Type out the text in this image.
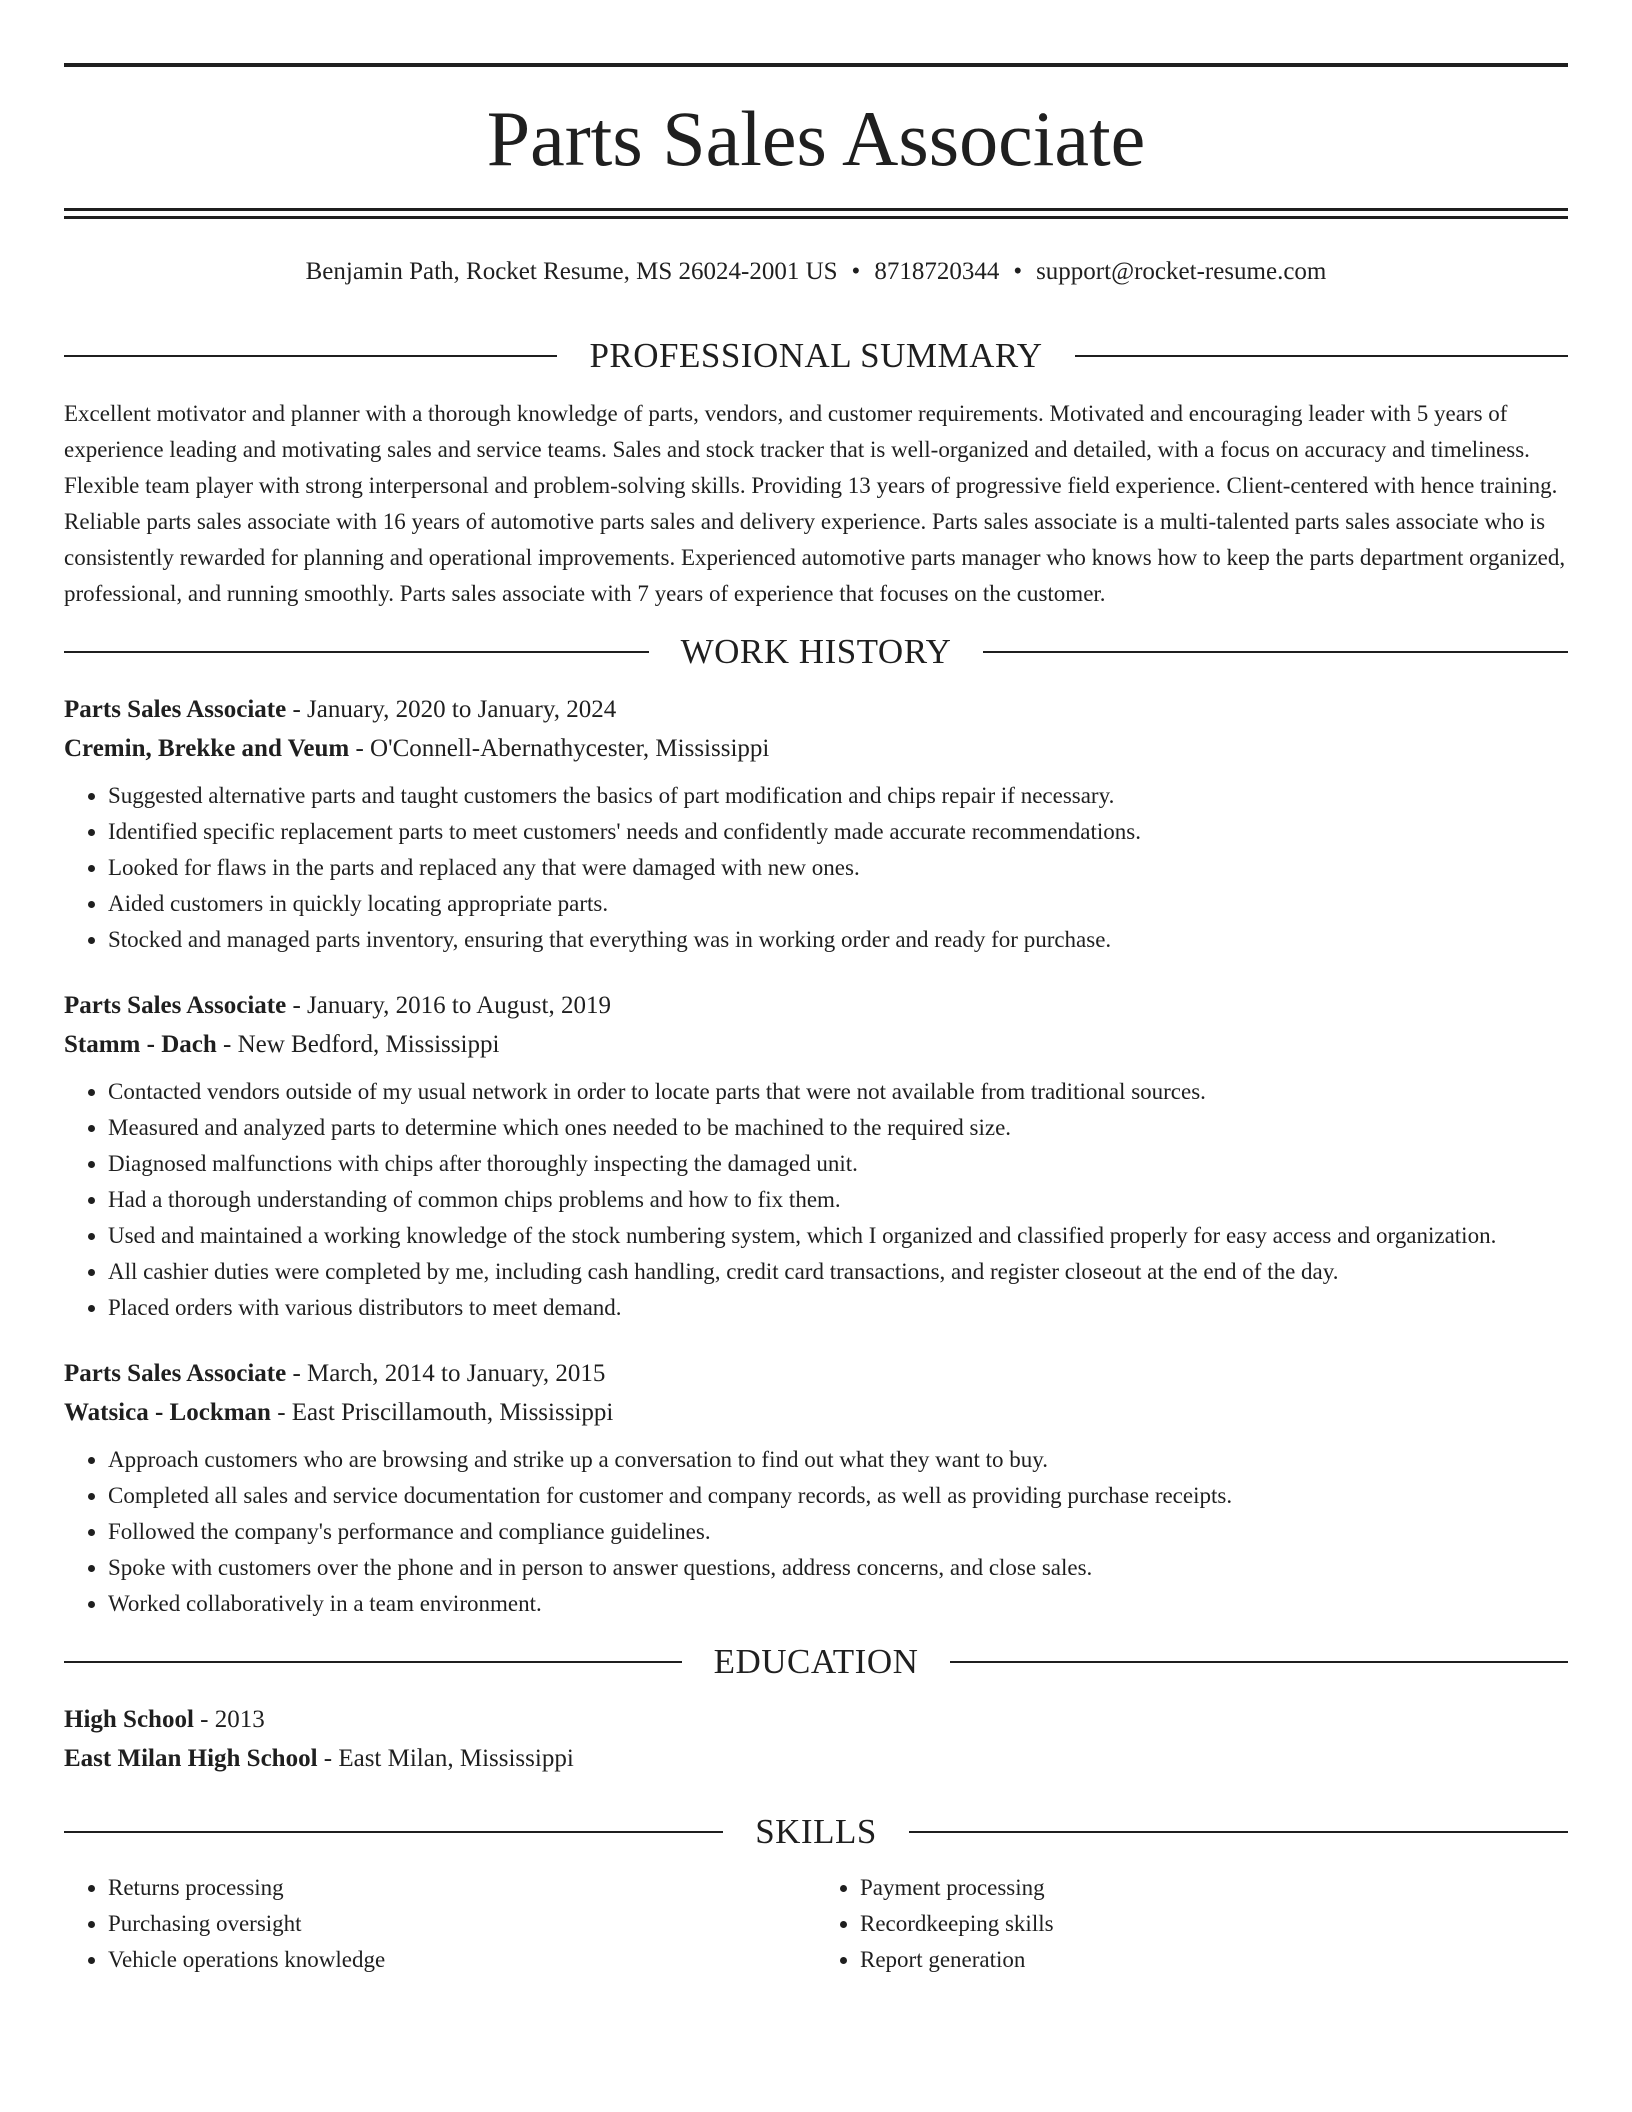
Parts Sales Associate
Benjamin Path, Rocket Resume, MS 26024-2001 US • 8718720344 • support@rocket-resume.com
PROFESSIONAL SUMMARY

Excellent motivator and planner with a thorough knowledge of parts, vendors, and customer requirements. Motivated and encouraging leader with 5 years of experience leading and motivating sales and service teams. Sales and stock tracker that is well-organized and detailed, with a focus on accuracy and timeliness. Flexible team player with strong interpersonal and problem-solving skills. Providing 13 years of progressive field experience. Client-centered with hence training. Reliable parts sales associate with 16 years of automotive parts sales and delivery experience. Parts sales associate is a multi-talented parts sales associate who is consistently rewarded for planning and operational improvements. Experienced automotive parts manager who knows how to keep the parts department organized, professional, and running smoothly. Parts sales associate with 7 years of experience that focuses on the customer.

WORK HISTORY
Parts Sales Associate - January, 2020 to January, 2024
Cremin, Brekke and Veum - O'Connell-Abernathycester, Mississippi
• Suggested alternative parts and taught customers the basics of part modification and chips repair if necessary.
• Identified specific replacement parts to meet customers' needs and confidently made accurate recommendations.
• Looked for flaws in the parts and replaced any that were damaged with new ones.
• Aided customers in quickly locating appropriate parts.
• Stocked and managed parts inventory, ensuring that everything was in working order and ready for purchase.
Parts Sales Associate - January, 2016 to August, 2019
Stamm - Dach - New Bedford, Mississippi
• Contacted vendors outside of my usual network in order to locate parts that were not available from traditional sources.
• Measured and analyzed parts to determine which ones needed to be machined to the required size.
• Diagnosed malfunctions with chips after thoroughly inspecting the damaged unit.
• Had a thorough understanding of common chips problems and how to fix them.
• Used and maintained a working knowledge of the stock numbering system, which I organized and classified properly for easy access and organization.
• All cashier duties were completed by me, including cash handling, credit card transactions, and register closeout at the end of the day.
• Placed orders with various distributors to meet demand.
Parts Sales Associate - March, 2014 to January, 2015
Watsica - Lockman - East Priscillamouth, Mississippi
• Approach customers who are browsing and strike up a conversation to find out what they want to buy.
• Completed all sales and service documentation for customer and company records, as well as providing purchase receipts.
• Followed the company's performance and compliance guidelines.
• Spoke with customers over the phone and in person to answer questions, address concerns, and close sales.
• Worked collaboratively in a team environment.
EDUCATION
High School - 2013
East Milan High School - East Milan, Mississippi
SKILLS
• Returns processing
• Purchasing oversight
• Vehicle operations knowledge
• Payment processing
• Recordkeeping skills
• Report generation
